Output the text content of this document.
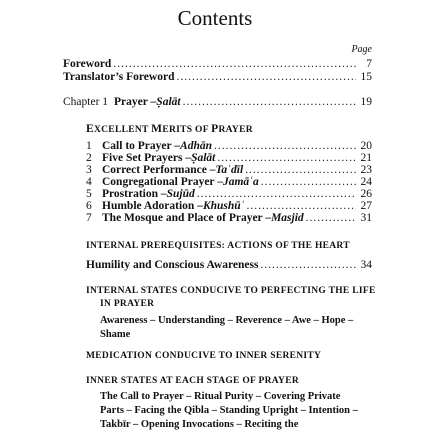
Contents
Page
Foreword .....	7
Translator’s Foreword .....	15
Chapter 1 Prayer – Ṣalāt .....	19
EXCELLENT MERITS OF PRAYER
1 Call to Prayer – Adhān .....	20
2 Five Set Prayers – Ṣalāt .....	21
3 Correct Performance – Taʿdīl .....	23
4 Congregational Prayer – Jamāʿa .....	24
5 Prostration – Sujūd .....	26
6 Humble Adoration – Khushūʿ .....	27
7 The Mosque and Place of Prayer – Masjid .....	31
INTERNAL PREREQUISITES: ACTIONS OF THE HEART
Humility and Conscious Awareness .....	34
INTERNAL STATES CONDUCIVE TO PERFECTING THE LIFE
IN PRAYER
Awareness – Understanding – Reverence – Awe – Hope – Shame
MEDICATION CONDUCIVE TO INNER SERENITY
INNER STATES AT EACH STAGE OF PRAYER
The Call to Prayer – Ritual Purity – Covering Private Parts – Facing the Qibla – Standing Upright – Intention – Takbīr – Opening Invocations – Reciting the
